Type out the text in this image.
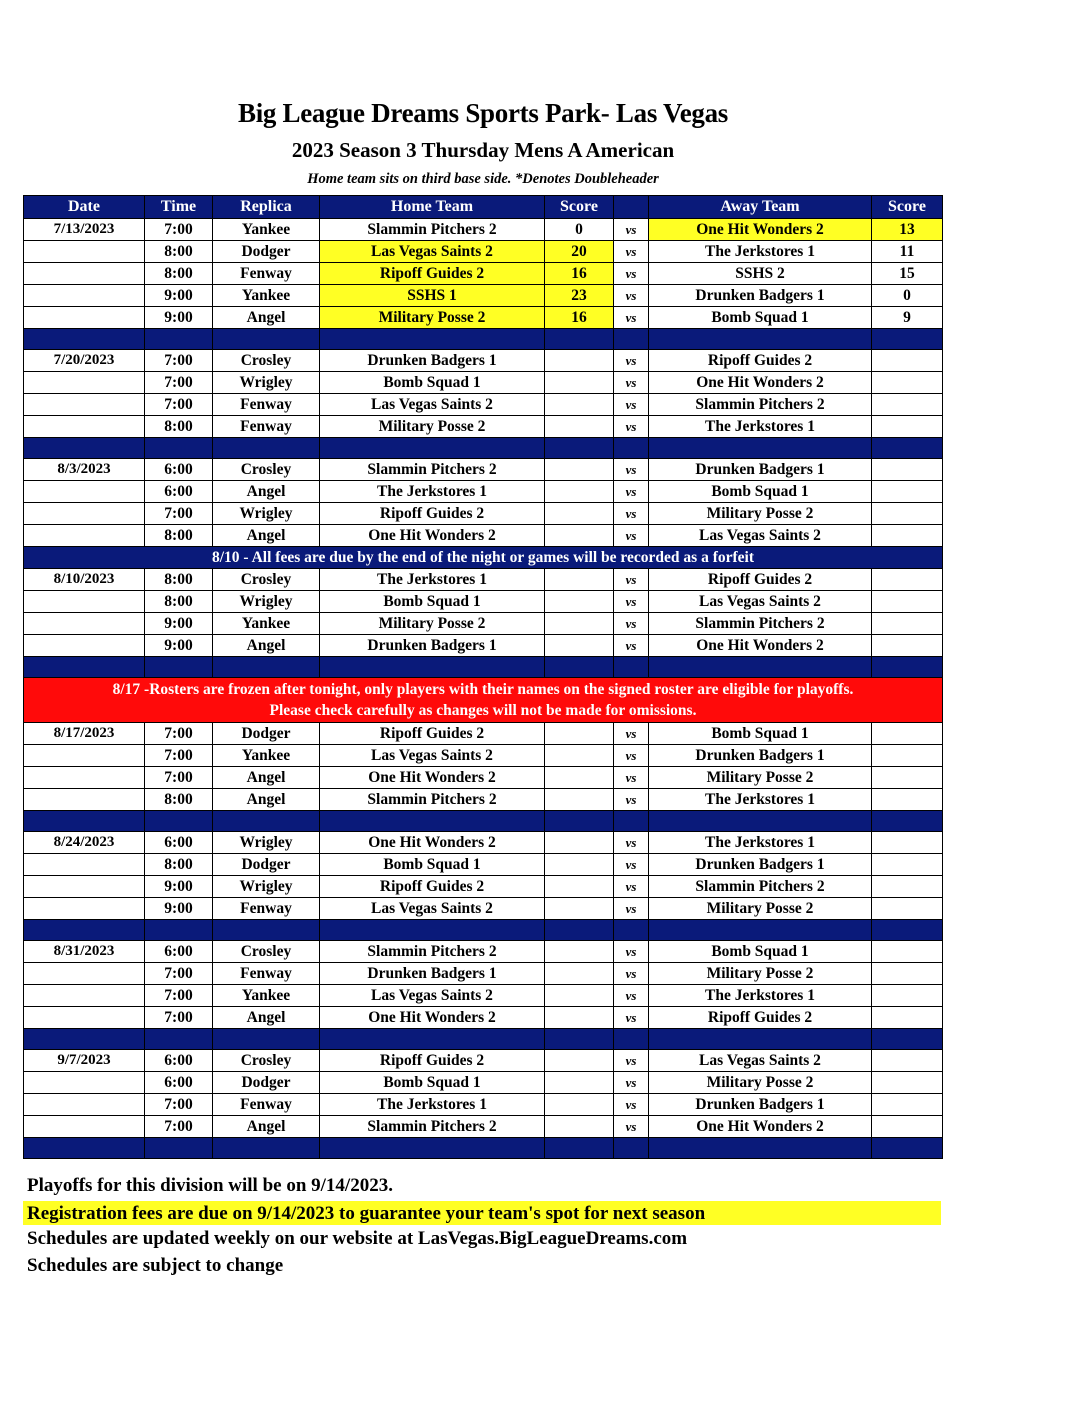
Big League Dreams Sports Park- Las Vegas
2023 Season 3 Thursday Mens A American
Home team sits on third base side. *Denotes Doubleheader
Date	Time	Replica	Home Team	Score		Away Team	Score
7/13/2023	7:00	Yankee	Slammin Pitchers 2	0	vs	One Hit Wonders 2	13
	8:00	Dodger	Las Vegas Saints 2	20	vs	The Jerkstores 1	11
	8:00	Fenway	Ripoff Guides 2	16	vs	SSHS 2	15
	9:00	Yankee	SSHS 1	23	vs	Drunken Badgers 1	0
	9:00	Angel	Military Posse 2	16	vs	Bomb Squad 1	9

7/20/2023	7:00	Crosley	Drunken Badgers 1		vs	Ripoff Guides 2	
	7:00	Wrigley	Bomb Squad 1		vs	One Hit Wonders 2	
	7:00	Fenway	Las Vegas Saints 2		vs	Slammin Pitchers 2	
	8:00	Fenway	Military Posse 2		vs	The Jerkstores 1	

8/3/2023	6:00	Crosley	Slammin Pitchers 2		vs	Drunken Badgers 1	
	6:00	Angel	The Jerkstores 1		vs	Bomb Squad 1	
	7:00	Wrigley	Ripoff Guides 2		vs	Military Posse 2	
	8:00	Angel	One Hit Wonders 2		vs	Las Vegas Saints 2	
8/10 - All fees are due by the end of the night or games will be recorded as a forfeit							
8/10/2023	8:00	Crosley	The Jerkstores 1		vs	Ripoff Guides 2	
	8:00	Wrigley	Bomb Squad 1		vs	Las Vegas Saints 2	
	9:00	Yankee	Military Posse 2		vs	Slammin Pitchers 2	
	9:00	Angel	Drunken Badgers 1		vs	One Hit Wonders 2	

8/17 -Rosters are frozen after tonight, only players with their names on the signed roster are eligible for playoffs.
Please check carefully as changes will not be made for omissions.							

8/17/2023	7:00	Dodger	Ripoff Guides 2		vs	Bomb Squad 1	
	7:00	Yankee	Las Vegas Saints 2		vs	Drunken Badgers 1	
	7:00	Angel	One Hit Wonders 2		vs	Military Posse 2	
	8:00	Angel	Slammin Pitchers 2		vs	The Jerkstores 1	

8/24/2023	6:00	Wrigley	One Hit Wonders 2		vs	The Jerkstores 1	
	8:00	Dodger	Bomb Squad 1		vs	Drunken Badgers 1	
	9:00	Wrigley	Ripoff Guides 2		vs	Slammin Pitchers 2	
	9:00	Fenway	Las Vegas Saints 2		vs	Military Posse 2	

8/31/2023	6:00	Crosley	Slammin Pitchers 2		vs	Bomb Squad 1	
	7:00	Fenway	Drunken Badgers 1		vs	Military Posse 2	
	7:00	Yankee	Las Vegas Saints 2		vs	The Jerkstores 1	
	7:00	Angel	One Hit Wonders 2		vs	Ripoff Guides 2	

9/7/2023	6:00	Crosley	Ripoff Guides 2		vs	Las Vegas Saints 2	
	6:00	Dodger	Bomb Squad 1		vs	Military Posse 2	
	7:00	Fenway	The Jerkstores 1		vs	Drunken Badgers 1	
	7:00	Angel	Slammin Pitchers 2		vs	One Hit Wonders 2	

Playoffs for this division will be on 9/14/2023.
Registration fees are due on 9/14/2023 to guarantee your team's spot for next season
Schedules are updated weekly on our website at LasVegas.BigLeagueDreams.com
Schedules are subject to change
